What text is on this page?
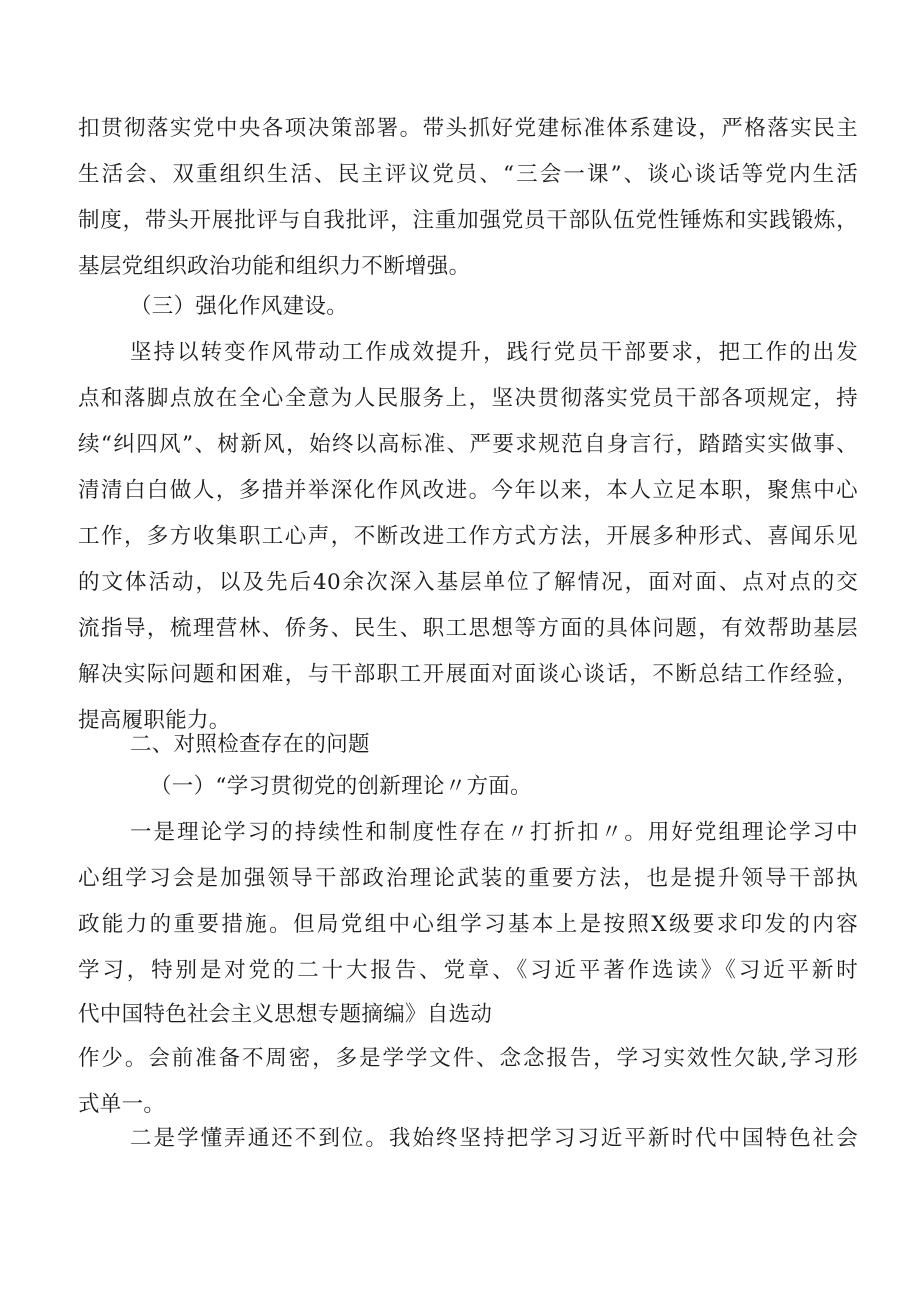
扣贯彻落实党中央各项决策部署。带头抓好党建标准体系建设，严格落实民主
生活会、双重组织生活、民主评议党员、“三会一课”、谈心谈话等党内生活
制度，带头开展批评与自我批评，注重加强党员干部队伍党性锤炼和实践锻炼，
基层党组织政治功能和组织力不断增强。
（三）强化作风建设。
坚持以转变作风带动工作成效提升，践行党员干部要求，把工作的出发
点和落脚点放在全心全意为人民服务上，坚决贯彻落实党员干部各项规定，持
续“纠四风”、树新风，始终以高标准、严要求规范自身言行，踏踏实实做事、
清清白白做人，多措并举深化作风改进。今年以来，本人立足本职，聚焦中心
工作，多方收集职工心声，不断改进工作方式方法，开展多种形式、喜闻乐见
的文体活动，以及先后40余次深入基层单位了解情况，面对面、点对点的交
流指导，梳理营林、侨务、民生、职工思想等方面的具体问题，有效帮助基层
解决实际问题和困难，与干部职工开展面对面谈心谈话，不断总结工作经验，
提高履职能力。
二、对照检查存在的问题
（一）“学习贯彻党的创新理论〃方面。
一是理论学习的持续性和制度性存在〃打折扣〃。用好党组理论学习中
心组学习会是加强领导干部政治理论武装的重要方法，也是提升领导干部执
政能力的重要措施。但局党组中心组学习基本上是按照X级要求印发的内容
学习，特别是对党的二十大报告、党章、《习近平著作选读》《习近平新时
代中国特色社会主义思想专题摘编》自选动
作少。会前准备不周密，多是学学文件、念念报告，学习实效性欠缺,学习形
式单一。
二是学懂弄通还不到位。我始终坚持把学习习近平新时代中国特色社会
